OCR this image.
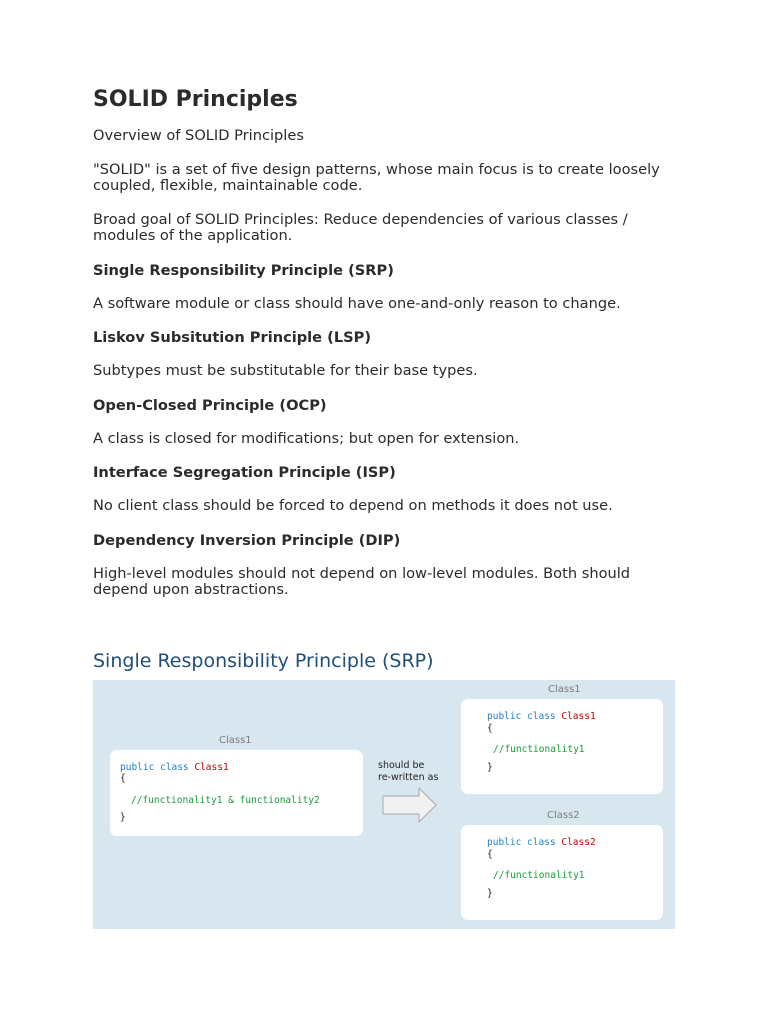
SOLID Principles

Overview of SOLID Principles

"SOLID" is a set of five design patterns, whose main focus is to create loosely coupled, flexible, maintainable code.

Broad goal of SOLID Principles: Reduce dependencies of various classes / modules of the application.

Single Responsibility Principle (SRP)

A software module or class should have one-and-only reason to change.

Liskov Subsitution Principle (LSP)

Subtypes must be substitutable for their base types.

Open-Closed Principle (OCP)

A class is closed for modifications; but open for extension.

Interface Segregation Principle (ISP)

No client class should be forced to depend on methods it does not use.

Dependency Inversion Principle (DIP)

High-level modules should not depend on low-level modules. Both should depend upon abstractions.

Single Responsibility Principle (SRP)
Class1
public class Class1
{
//functionality1 & functionality2
}
should be
re-written as
Class1
public class Class1
{
//functionality1
}
Class2
public class Class2
{
//functionality1
}
